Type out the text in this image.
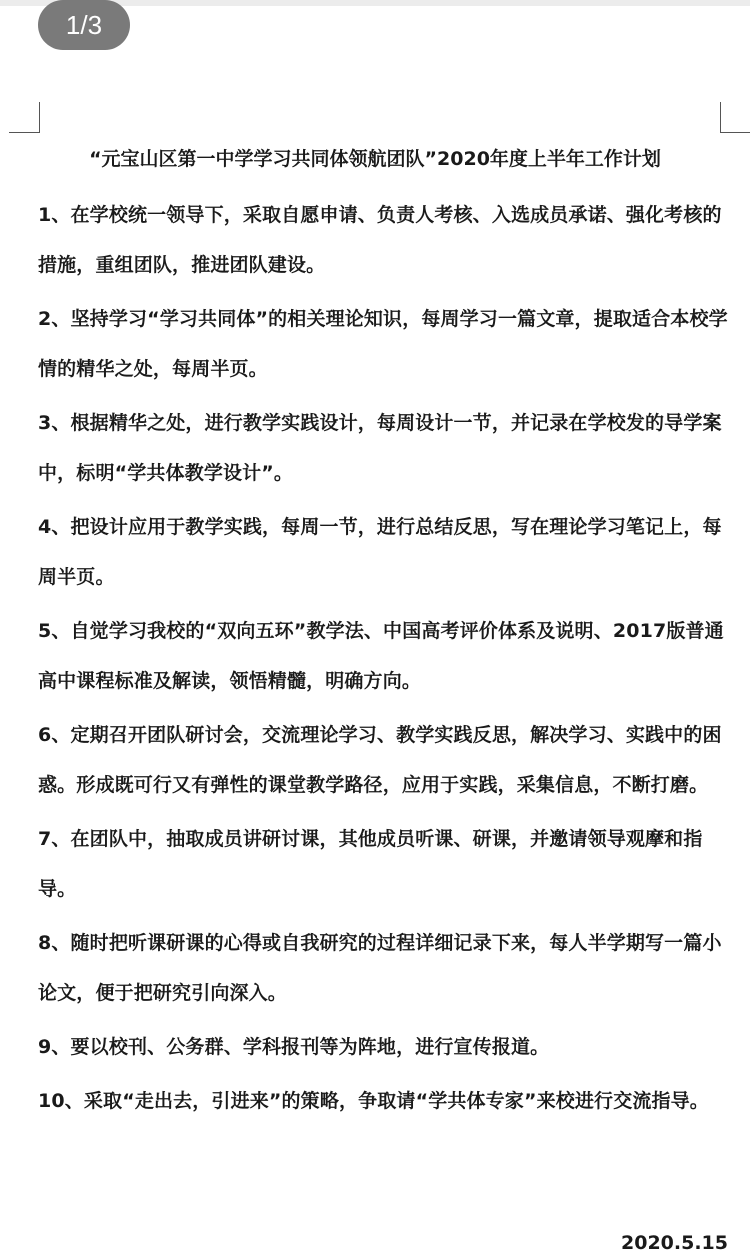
“元宝山区第一中学学习共同体领航团队”2020年度上半年工作计划

1、在学校统一领导下，采取自愿申请、负责人考核、入选成员承诺、强化考核的措施，重组团队，推进团队建设。

2、坚持学习“学习共同体”的相关理论知识，每周学习一篇文章，提取适合本校学情的精华之处，每周半页。

3、根据精华之处，进行教学实践设计，每周设计一节，并记录在学校发的导学案中，标明“学共体教学设计”。

4、把设计应用于教学实践，每周一节，进行总结反思，写在理论学习笔记上，每周半页。

5、自觉学习我校的“双向五环”教学法、中国高考评价体系及说明、2017版普通高中课程标准及解读，领悟精髓，明确方向。

6、定期召开团队研讨会，交流理论学习、教学实践反思，解决学习、实践中的困惑。形成既可行又有弹性的课堂教学路径，应用于实践，采集信息，不断打磨。

7、在团队中，抽取成员讲研讨课，其他成员听课、研课，并邀请领导观摩和指导。

8、随时把听课研课的心得或自我研究的过程详细记录下来，每人半学期写一篇小论文，便于把研究引向深入。

9、要以校刊、公务群、学科报刊等为阵地，进行宣传报道。

10、采取“走出去，引进来”的策略，争取请“学共体专家”来校进行交流指导。

2020.5.15
1/3
